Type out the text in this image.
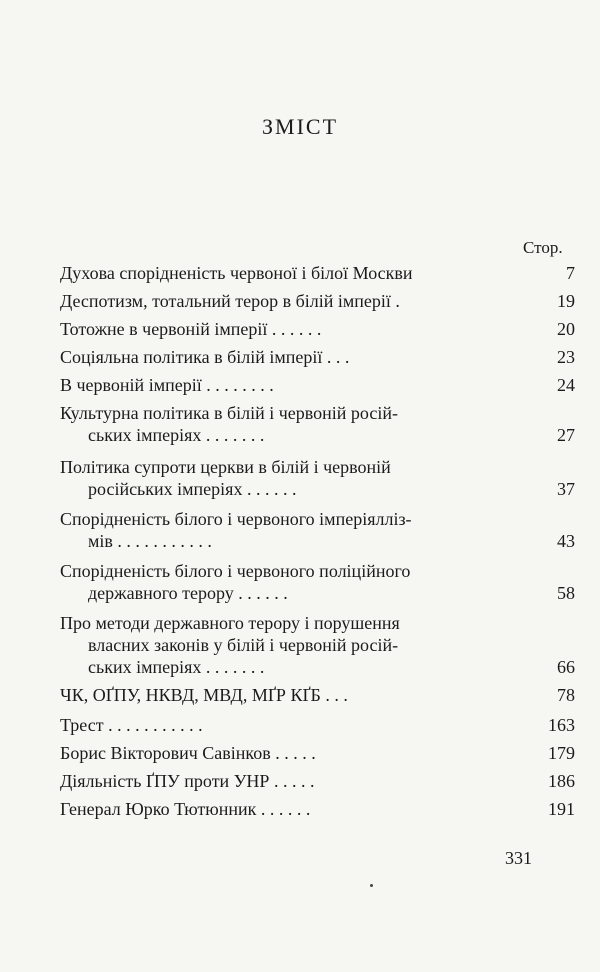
ЗМІСТ
Стор.
Духова спорідненість червоної і білої Москви	7
Деспотизм, тотальний терор в білій імперії .	19
Тотожне в червоній імперії . . . . . .	20
Соціяльна політика в білій імперії . . .	23
В червоній імперії . . . . . . . .	24
Культурна політика в білій і червоній росій-
ських імперіях . . . . . . .	27
Політика супроти церкви в білій і червоній
російських імперіях . . . . . .	37
Спорідненість білого і червоного імперіялліз-
мів . . . . . . . . . . .	43
Спорідненість білого і червоного поліційного
державного терору . . . . . .	58
Про методи державного терору і порушення
власних законів у білій і червоній росій-
ських імперіях . . . . . . .	66
ЧК, ОҐПУ, НКВД, МВД, МҐР КҐБ . . .	78
Трест . . . . . . . . . . .	163
Борис Вікторович Савінков . . . . .	179
Діяльність ҐПУ проти УНР . . . . .	186
Генерал Юрко Тютюнник . . . . . .	191
331
